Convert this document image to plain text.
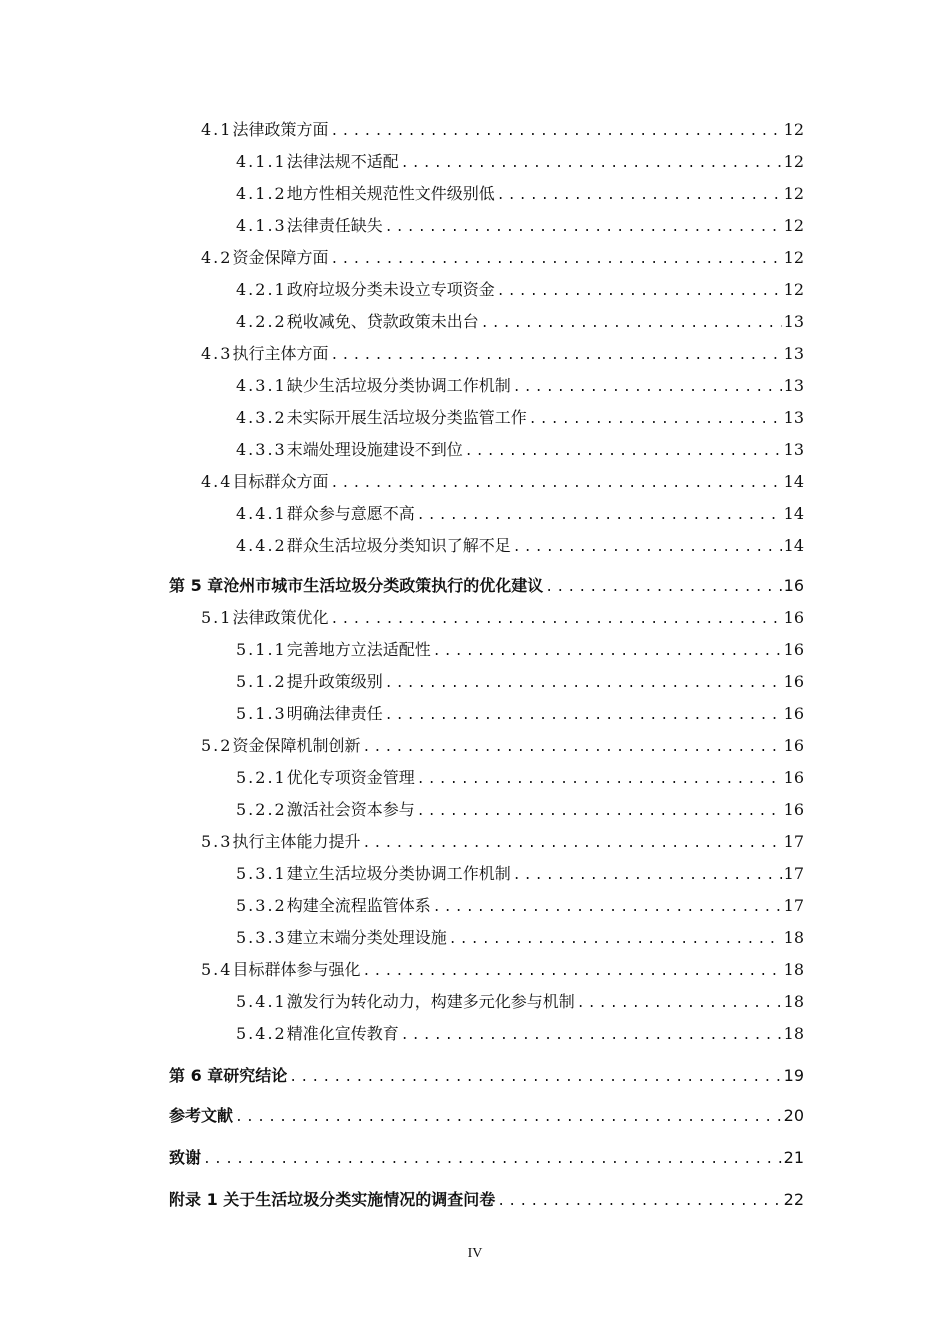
4.1 法律政策方面 .....	12
4.1.1 法律法规不适配 .....	12
4.1.2 地方性相关规范性文件级别低 .....	12
4.1.3 法律责任缺失 .....	12
4.2 资金保障方面 .....	12
4.2.1 政府垃圾分类未设立专项资金 .....	12
4.2.2 税收减免、贷款政策未出台 .....	13
4.3 执行主体方面 .....	13
4.3.1 缺少生活垃圾分类协调工作机制 .....	13
4.3.2 未实际开展生活垃圾分类监管工作 .....	13
4.3.3 末端处理设施建设不到位 .....	13
4.4 目标群众方面 .....	14
4.4.1 群众参与意愿不高 .....	14
4.4.2 群众生活垃圾分类知识了解不足 .....	14
第 5 章 沧州市城市生活垃圾分类政策执行的优化建议 .....	16
5.1 法律政策优化 .....	16
5.1.1 完善地方立法适配性 .....	16
5.1.2 提升政策级别 .....	16
5.1.3 明确法律责任 .....	16
5.2 资金保障机制创新 .....	16
5.2.1 优化专项资金管理 .....	16
5.2.2 激活社会资本参与 .....	16
5.3 执行主体能力提升 .....	17
5.3.1 建立生活垃圾分类协调工作机制 .....	17
5.3.2 构建全流程监管体系 .....	17
5.3.3 建立末端分类处理设施 .....	18
5.4 目标群体参与强化 .....	18
5.4.1 激发行为转化动力，构建多元化参与机制 .....	18
5.4.2 精准化宣传教育 .....	18
第 6 章 研究结论 .....	19
参考文献 .....	20
致谢 .....	21
附录 1 关于生活垃圾分类实施情况的调查问卷 .....	22
IV
